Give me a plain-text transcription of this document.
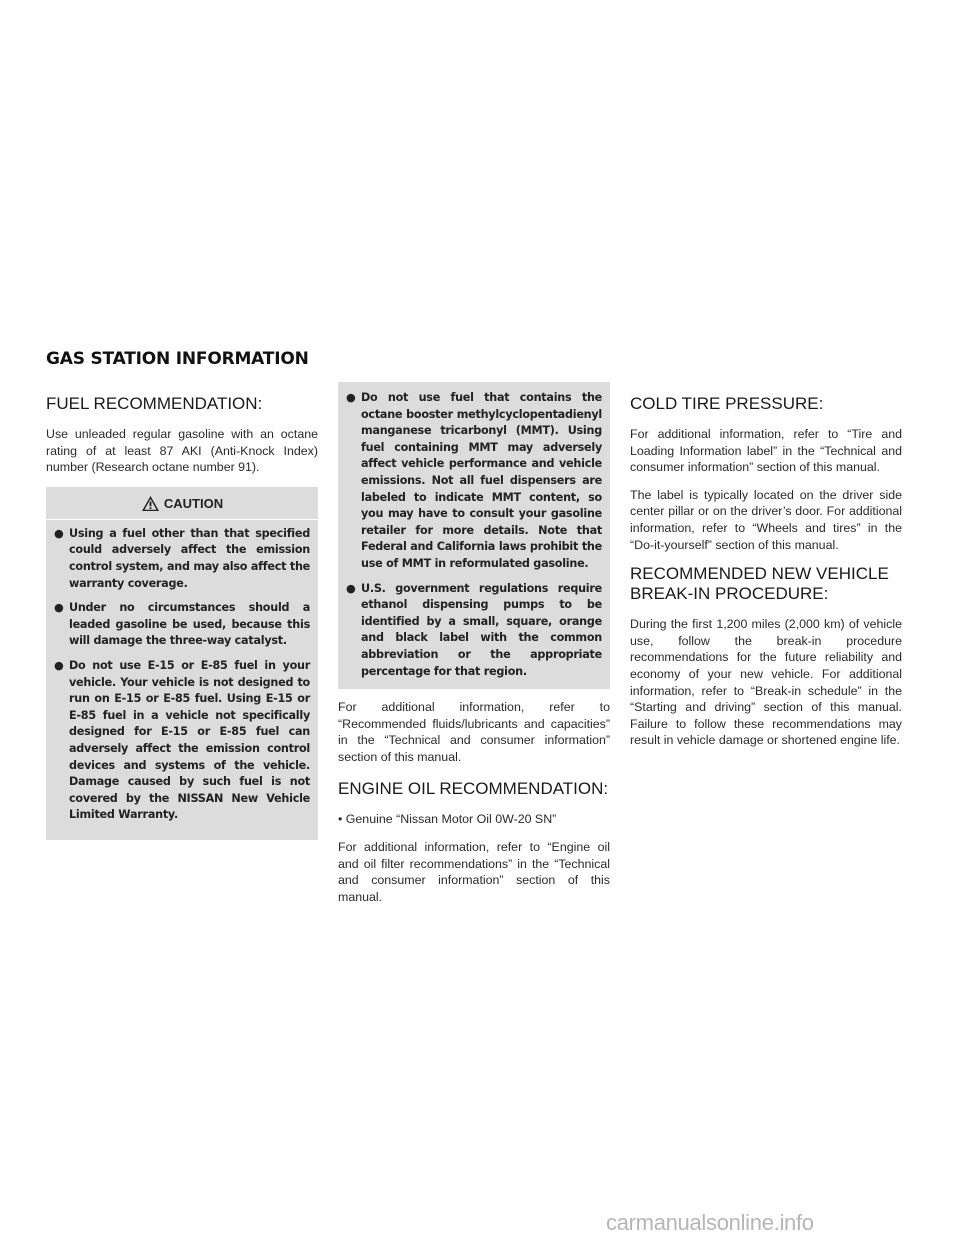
GAS STATION INFORMATION
FUEL RECOMMENDATION:

Use unleaded regular gasoline with an octane rating of at least 87 AKI (Anti-Knock Index) number (Research octane number 91).

CAUTION
● Using a fuel other than that specified could adversely affect the emission control system, and may also affect the warranty coverage.
● Under no circumstances should a leaded gasoline be used, because this will damage the three-way catalyst.
● Do not use E-15 or E-85 fuel in your vehicle. Your vehicle is not designed to run on E-15 or E-85 fuel. Using E-15 or E-85 fuel in a vehicle not specifically designed for E-15 or E-85 fuel can adversely affect the emission control devices and systems of the vehicle. Damage caused by such fuel is not covered by the NISSAN New Vehicle Limited Warranty.
● Do not use fuel that contains the octane booster methylcyclopentadienyl manganese tricarbonyl (MMT). Using fuel containing MMT may adversely affect vehicle performance and vehicle emissions. Not all fuel dispensers are labeled to indicate MMT content, so you may have to consult your gasoline retailer for more details. Note that Federal and California laws prohibit the use of MMT in reformulated gasoline.
● U.S. government regulations require ethanol dispensing pumps to be identified by a small, square, orange and black label with the common abbreviation or the appropriate percentage for that region.

For additional information, refer to “Recommended fluids/lubricants and capacities” in the “Technical and consumer information” section of this manual.

ENGINE OIL RECOMMENDATION:

• Genuine “Nissan Motor Oil 0W-20 SN”

For additional information, refer to “Engine oil and oil filter recommendations” in the “Technical and consumer information” section of this manual.

COLD TIRE PRESSURE:

For additional information, refer to “Tire and Loading Information label” in the “Technical and consumer information” section of this manual.

The label is typically located on the driver side center pillar or on the driver’s door. For additional information, refer to “Wheels and tires” in the “Do-it-yourself” section of this manual.

RECOMMENDED NEW VEHICLE
BREAK-IN PROCEDURE:

During the first 1,200 miles (2,000 km) of vehicle use, follow the break-in procedure recommendations for the future reliability and economy of your new vehicle. For additional information, refer to “Break-in schedule” in the “Starting and driving” section of this manual. Failure to follow these recommendations may result in vehicle damage or shortened engine life.

carmanualsonline.info
